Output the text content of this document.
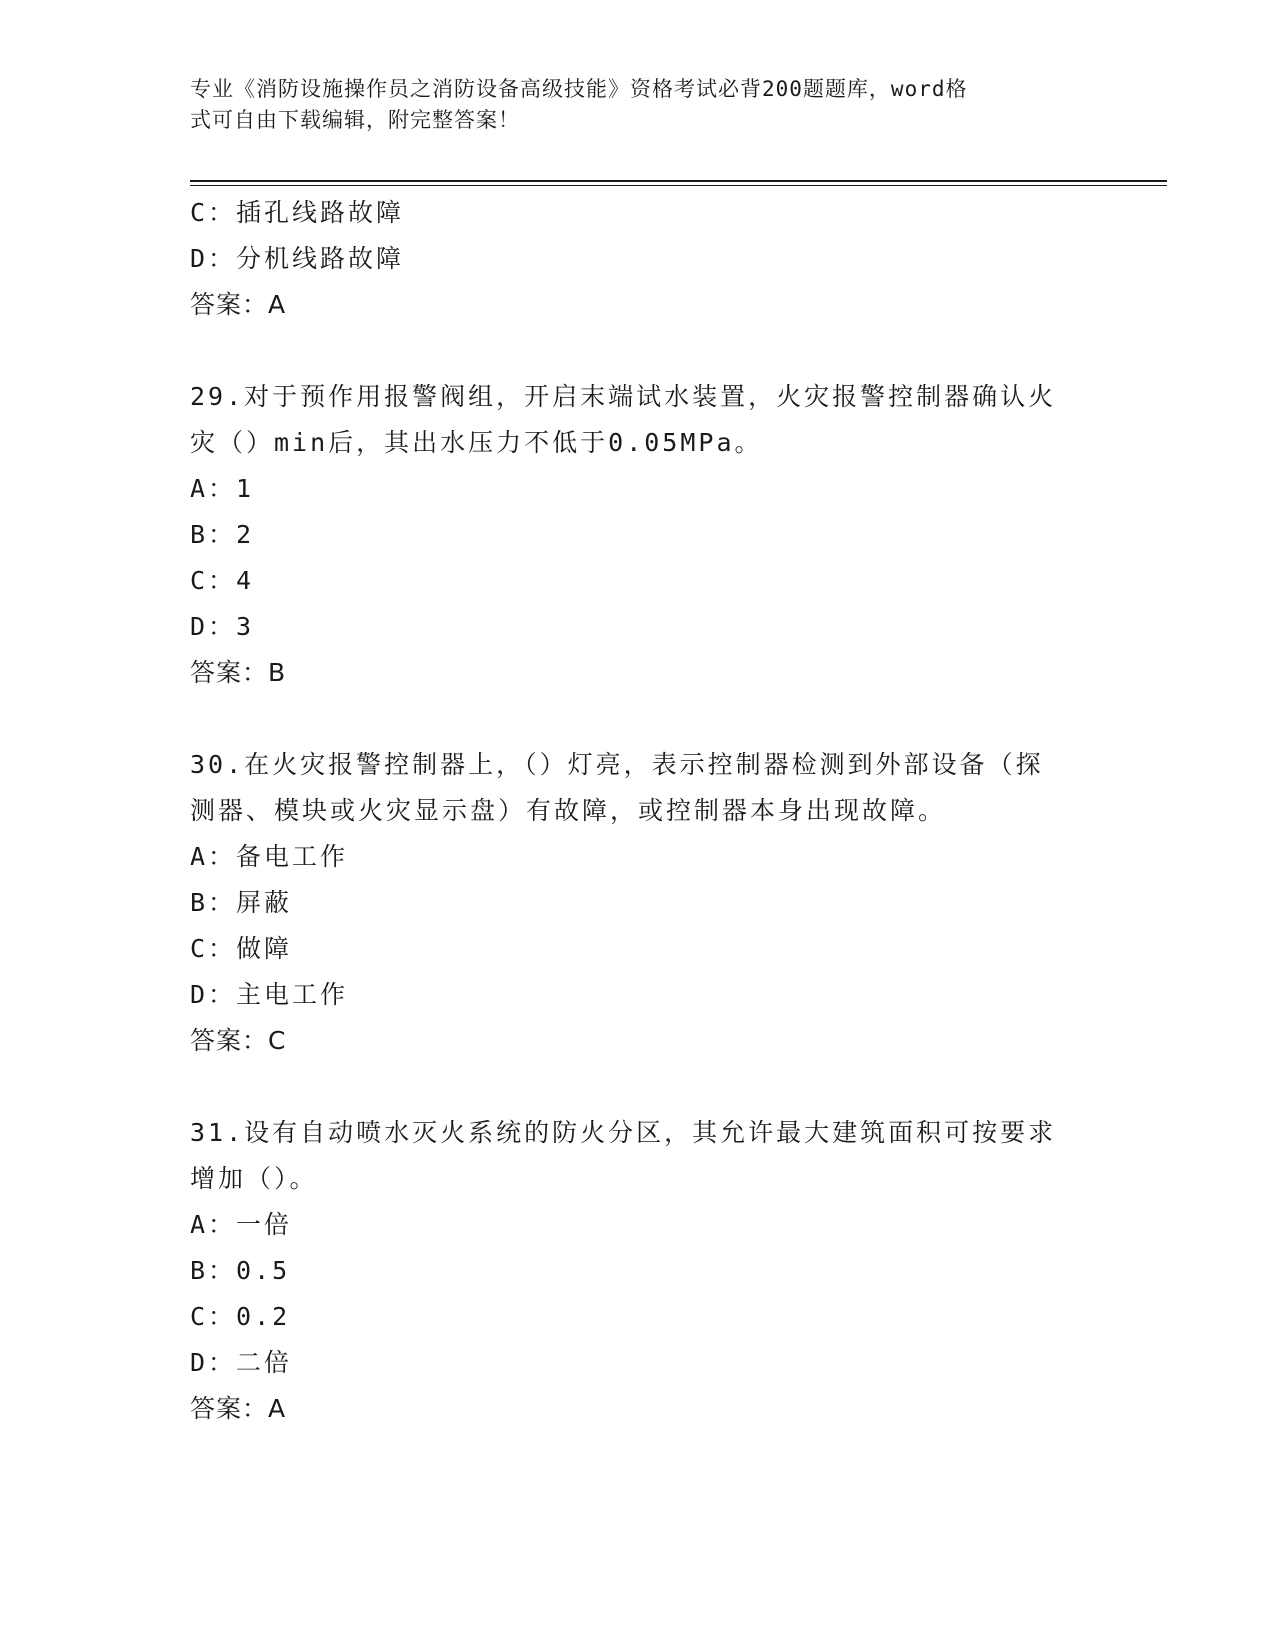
专业《消防设施操作员之消防设备高级技能》资格考试必背200题题库，word格
式可自由下载编辑，附完整答案！
C：插孔线路故障
D：分机线路故障
答案：A
29.对于预作用报警阀组，开启末端试水装置，火灾报警控制器确认火
灾（）min后，其出水压力不低于0.05MPa。
A：1
B：2
C：4
D：3
答案：B
30.在火灾报警控制器上，（）灯亮，表示控制器检测到外部设备（探
测器、模块或火灾显示盘）有故障，或控制器本身出现故障。
A：备电工作
B：屏蔽
C：做障
D：主电工作
答案：C
31.设有自动喷水灭火系统的防火分区，其允许最大建筑面积可按要求
增加（）。
A：一倍
B：0.5
C：0.2
D：二倍
答案：A
